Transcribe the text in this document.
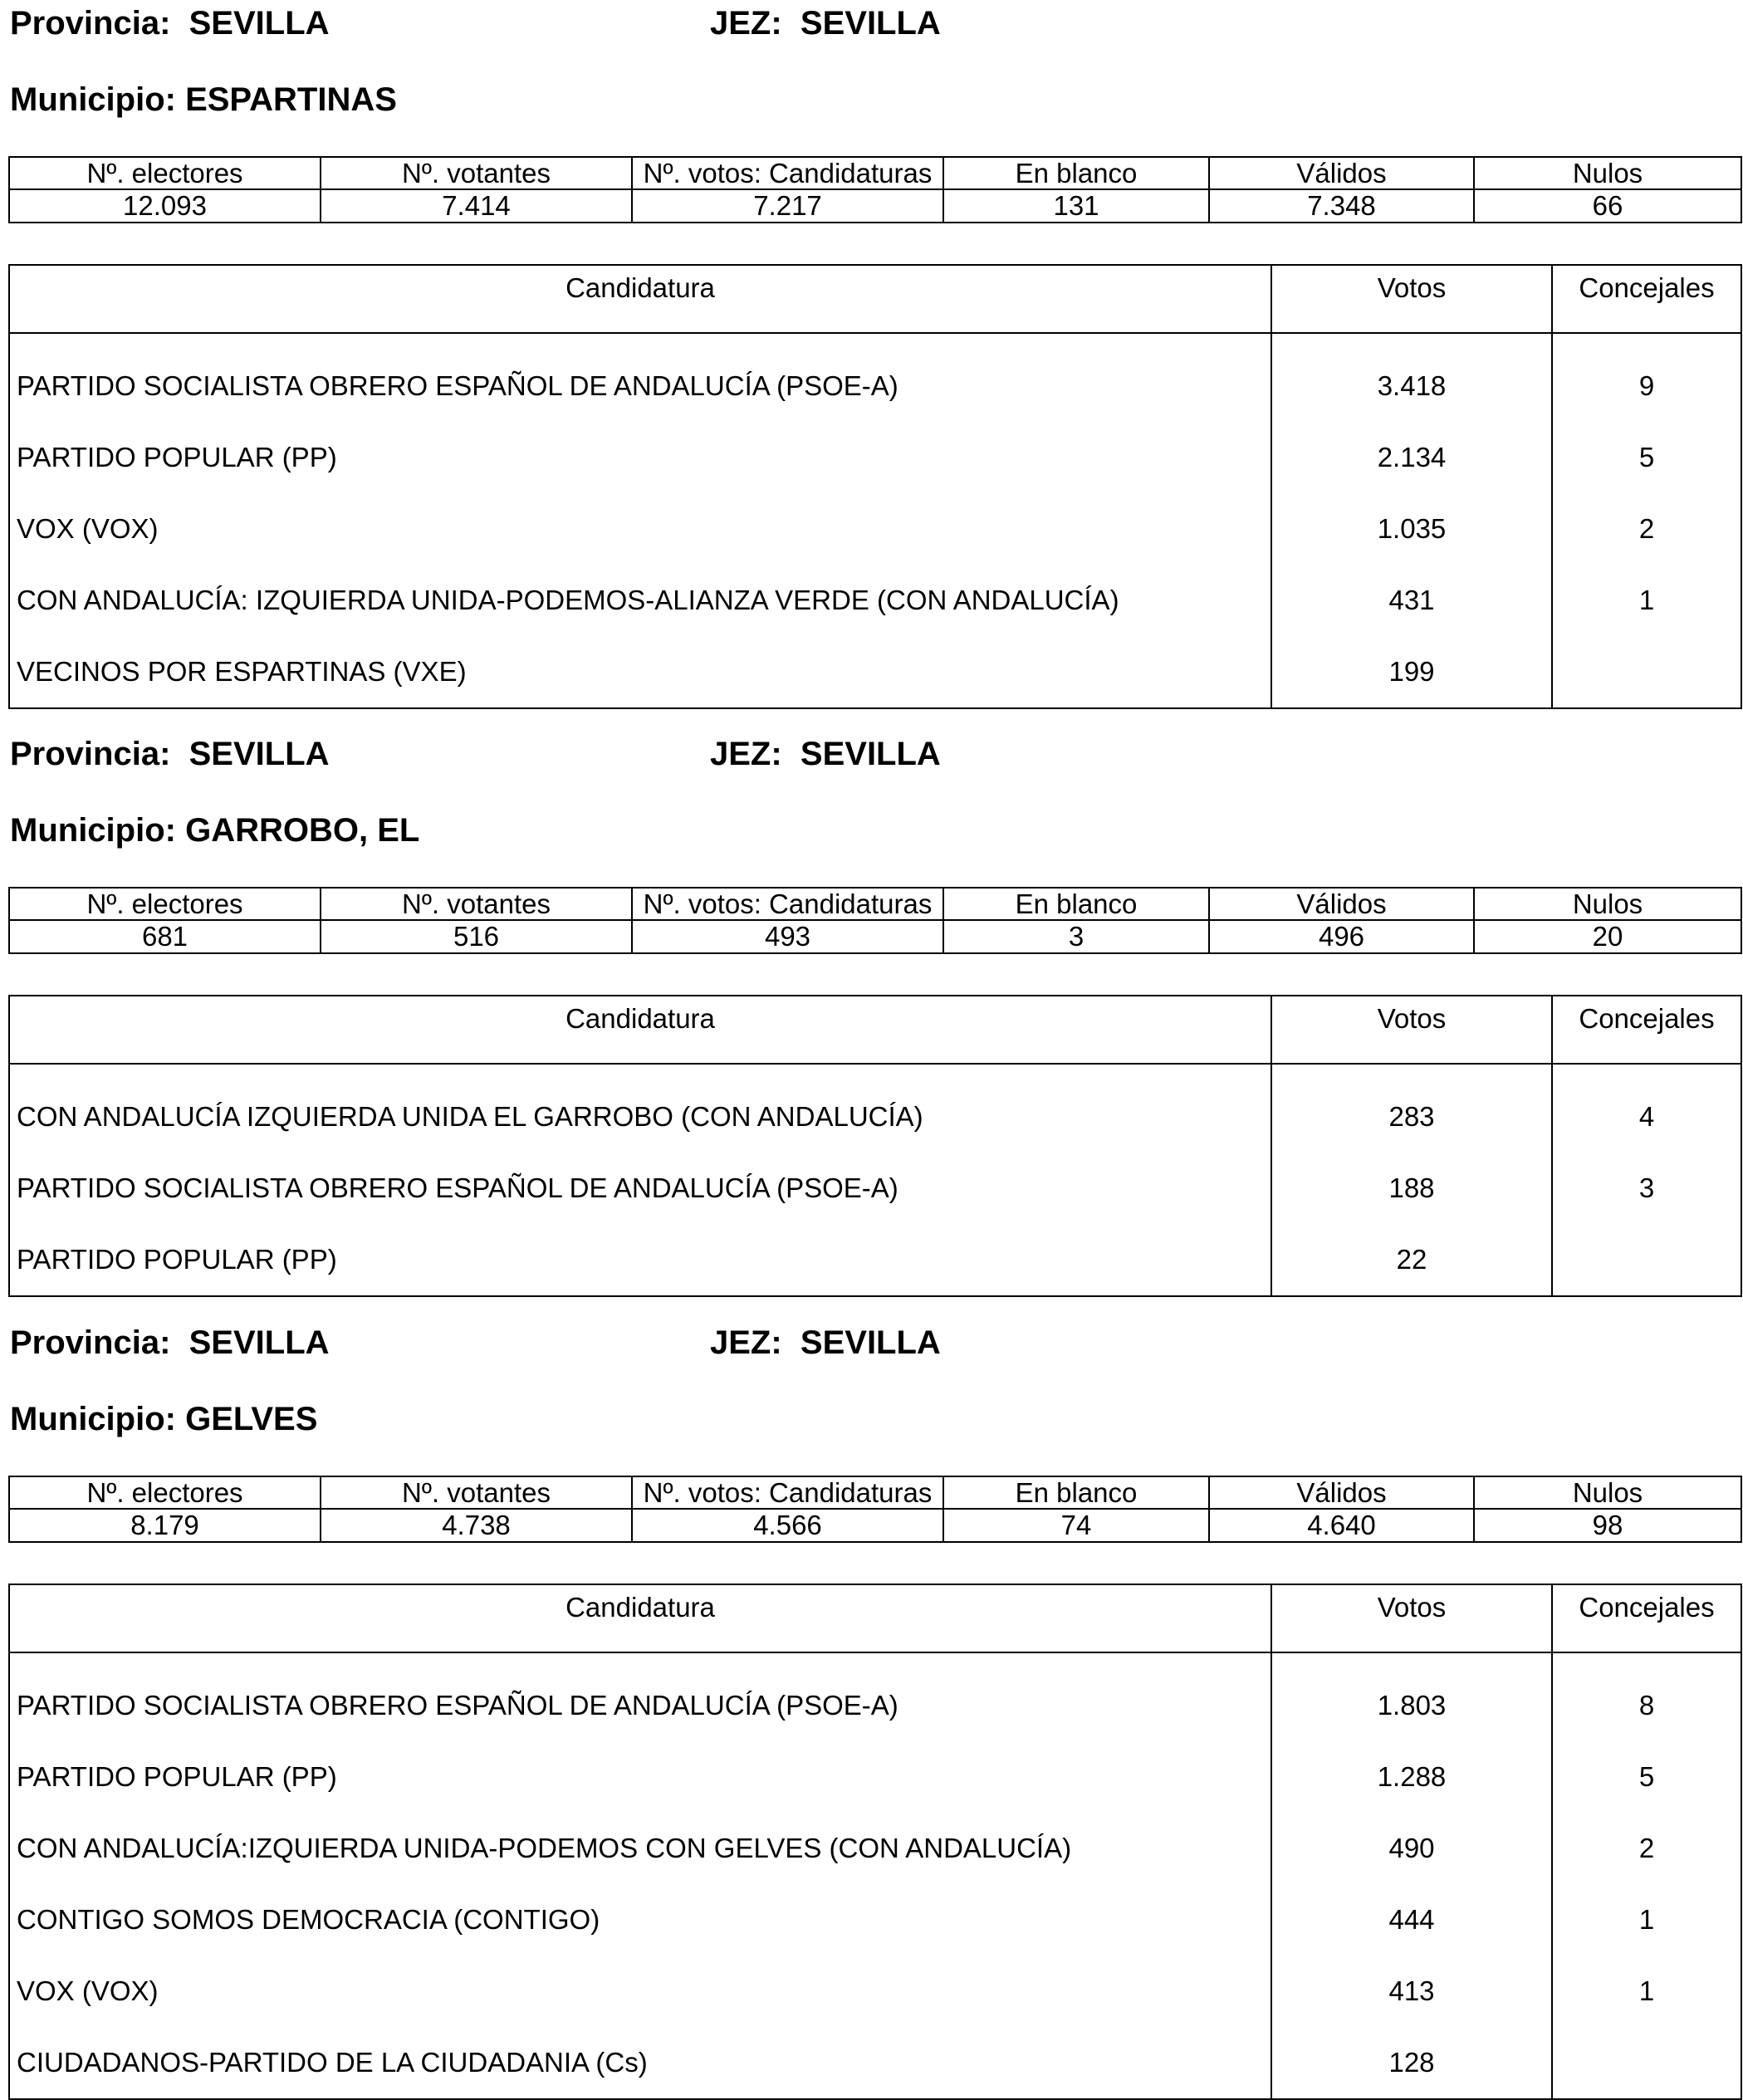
Provincia:  SEVILLA	JEZ:  SEVILLA
Municipio: ESPARTINAS
Nº. electores	Nº. votantes	Nº. votos: Candidaturas	En blanco	Válidos	Nulos
12.093	7.414	7.217	131	7.348	66
Candidatura	Votos	Concejales
PARTIDO SOCIALISTA OBRERO ESPAÑOL DE ANDALUCÍA (PSOE-A)	3.418	9
PARTIDO POPULAR (PP)	2.134	5
VOX (VOX)	1.035	2
CON ANDALUCÍA: IZQUIERDA UNIDA-PODEMOS-ALIANZA VERDE (CON ANDALUCÍA)	431	1
VECINOS POR ESPARTINAS (VXE)	199	
Provincia:  SEVILLA	JEZ:  SEVILLA
Municipio: GARROBO, EL
Nº. electores	Nº. votantes	Nº. votos: Candidaturas	En blanco	Válidos	Nulos
681	516	493	3	496	20
Candidatura	Votos	Concejales
CON ANDALUCÍA IZQUIERDA UNIDA EL GARROBO (CON ANDALUCÍA)	283	4
PARTIDO SOCIALISTA OBRERO ESPAÑOL DE ANDALUCÍA (PSOE-A)	188	3
PARTIDO POPULAR (PP)	22	
Provincia:  SEVILLA	JEZ:  SEVILLA
Municipio: GELVES
Nº. electores	Nº. votantes	Nº. votos: Candidaturas	En blanco	Válidos	Nulos
8.179	4.738	4.566	74	4.640	98
Candidatura	Votos	Concejales
PARTIDO SOCIALISTA OBRERO ESPAÑOL DE ANDALUCÍA (PSOE-A)	1.803	8
PARTIDO POPULAR (PP)	1.288	5
CON ANDALUCÍA:IZQUIERDA UNIDA-PODEMOS CON GELVES (CON ANDALUCÍA)	490	2
CONTIGO SOMOS DEMOCRACIA (CONTIGO)	444	1
VOX (VOX)	413	1
CIUDADANOS-PARTIDO DE LA CIUDADANIA (Cs)	128	
